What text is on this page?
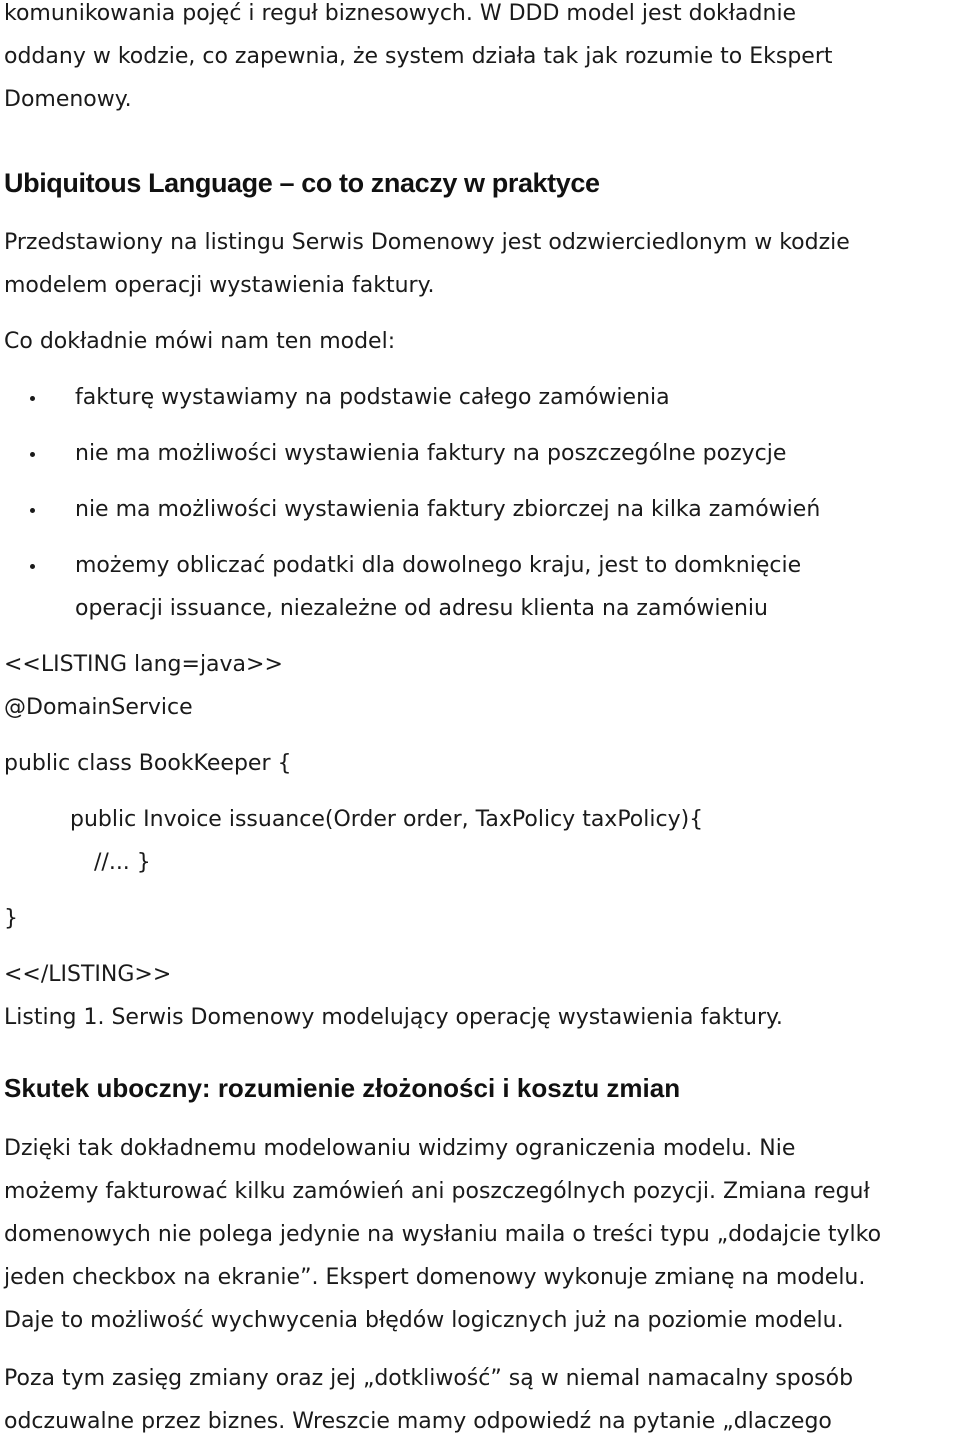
komunikowania pojęć i reguł biznesowych. W DDD model jest dokładnie

oddany w kodzie, co zapewnia, że system działa tak jak rozumie to Ekspert

Domenowy.

Ubiquitous Language – co to znaczy w praktyce

Przedstawiony na listingu Serwis Domenowy jest odzwierciedlonym w kodzie

modelem operacji wystawienia faktury.

Co dokładnie mówi nam ten model:

fakturę wystawiamy na podstawie całego zamówienia

nie ma możliwości wystawienia faktury na poszczególne pozycje

nie ma możliwości wystawienia faktury zbiorczej na kilka zamówień

możemy obliczać podatki dla dowolnego kraju, jest to domknięcie

operacji issuance, niezależne od adresu klienta na zamówieniu

<<LISTING lang=java>>

@DomainService

public class BookKeeper {

public Invoice issuance(Order order, TaxPolicy taxPolicy){

//... }

}

<</LISTING>>

Listing 1. Serwis Domenowy modelujący operację wystawienia faktury.

Skutek uboczny: rozumienie złożoności i kosztu zmian

Dzięki tak dokładnemu modelowaniu widzimy ograniczenia modelu. Nie

możemy fakturować kilku zamówień ani poszczególnych pozycji. Zmiana reguł

domenowych nie polega jedynie na wysłaniu maila o treści typu „dodajcie tylko

jeden checkbox na ekranie”. Ekspert domenowy wykonuje zmianę na modelu.

Daje to możliwość wychwycenia błędów logicznych już na poziomie modelu.

Poza tym zasięg zmiany oraz jej „dotkliwość” są w niemal namacalny sposób

odczuwalne przez biznes. Wreszcie mamy odpowiedź na pytanie „dlaczego
